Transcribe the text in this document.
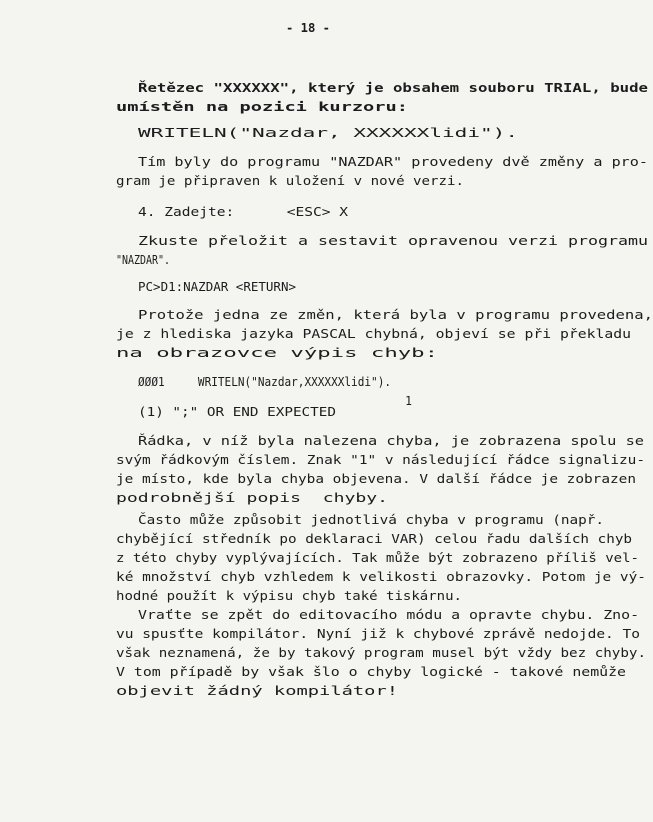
- 18 -
Řetězec "XXXXXX", který je obsahem souboru TRIAL, bude
umístěn na pozici kurzoru:
WRITELN("Nazdar, XXXXXXlidi").
Tím byly do programu "NAZDAR" provedeny dvě změny a pro-
gram je připraven k uložení v nové verzi.
4. Zadejte:      <ESC> X
Zkuste přeložit a sestavit opravenou verzi programu
"NAZDAR".
PC>D1:NAZDAR <RETURN>
Protože jedna ze změn, která byla v programu provedena,
je z hlediska jazyka PASCAL chybná, objeví se při překladu
na obrazovce výpis chyb:
ØØØ1     WRITELN("Nazdar,XXXXXXlidi").
1
(1) ";" OR END EXPECTED
Řádka, v níž byla nalezena chyba, je zobrazena spolu se
svým řádkovým číslem. Znak "1" v následující řádce signalizu-
je místo, kde byla chyba objevena. V další řádce je zobrazen
podrobnější popis  chyby.
Často může způsobit jednotlivá chyba v programu (např.
chybějící středník po deklaraci VAR) celou řadu dalších chyb
z této chyby vyplývajících. Tak může být zobrazeno příliš vel-
ké množství chyb vzhledem k velikosti obrazovky. Potom je vý-
hodné použít k výpisu chyb také tiskárnu.
Vraťte se zpět do editovacího módu a opravte chybu. Zno-
vu spusťte kompilátor. Nyní již k chybové zprávě nedojde. To
však neznamená, že by takový program musel být vždy bez chyby.
V tom případě by však šlo o chyby logické - takové nemůže
objevit žádný kompilátor!
